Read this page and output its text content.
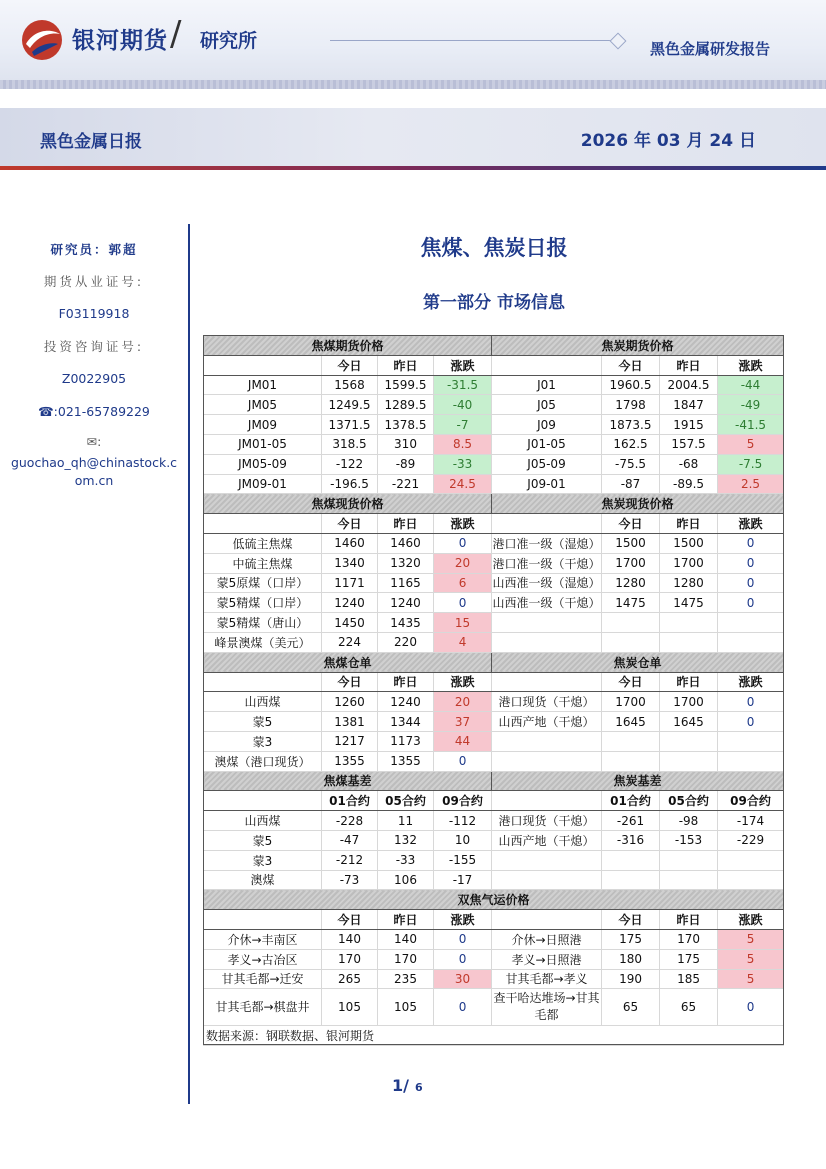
银河期货 / 研究所	黑色金属研发报告
黑色金属日报	2026 年 03 月 24 日
研究员：郭超
期货从业证号:
F03119918
投资咨询证号:
Z0022905
☎:021-65789229
✉:
guochao_qh@chinastock.com.cn
焦煤、焦炭日报
第一部分 市场信息
焦煤期货价格				焦炭期货价格			
	今日	昨日	涨跌		今日	昨日	涨跌
JM01	1568	1599.5	-31.5	J01	1960.5	2004.5	-44
JM05	1249.5	1289.5	-40	J05	1798	1847	-49
JM09	1371.5	1378.5	-7	J09	1873.5	1915	-41.5
JM01-05	318.5	310	8.5	J01-05	162.5	157.5	5
JM05-09	-122	-89	-33	J05-09	-75.5	-68	-7.5
JM09-01	-196.5	-221	24.5	J09-01	-87	-89.5	2.5
焦煤现货价格				焦炭现货价格			
	今日	昨日	涨跌		今日	昨日	涨跌
低硫主焦煤	1460	1460	0	港口准一级（湿熄）	1500	1500	0
中硫主焦煤	1340	1320	20	港口准一级（干熄）	1700	1700	0
蒙5原煤（口岸）	1171	1165	6	山西准一级（湿熄）	1280	1280	0
蒙5精煤（口岸）	1240	1240	0	山西准一级（干熄）	1475	1475	0
蒙5精煤（唐山）	1450	1435	15				
峰景澳煤（美元）	224	220	4				
焦煤仓单				焦炭仓单			
	今日	昨日	涨跌		今日	昨日	涨跌
山西煤	1260	1240	20	港口现货（干熄）	1700	1700	0
蒙5	1381	1344	37	山西产地（干熄）	1645	1645	0
蒙3	1217	1173	44				
澳煤（港口现货）	1355	1355	0				
焦煤基差				焦炭基差			
	01合约	05合约	09合约		01合约	05合约	09合约
山西煤	-228	11	-112	港口现货（干熄）	-261	-98	-174
蒙5	-47	132	10	山西产地（干熄）	-316	-153	-229
蒙3	-212	-33	-155				
澳煤	-73	106	-17				
双焦气运价格							
	今日	昨日	涨跌		今日	昨日	涨跌
介休→丰南区	140	140	0	介休→日照港	175	170	5
孝义→古冶区	170	170	0	孝义→日照港	180	175	5
甘其毛都→迁安	265	235	30	甘其毛都→孝义	190	185	5
甘其毛都→棋盘井	105	105	0	查干哈达堆场→甘其毛都	65	65	0
数据来源：钢联数据、银河期货							
1/ 6
